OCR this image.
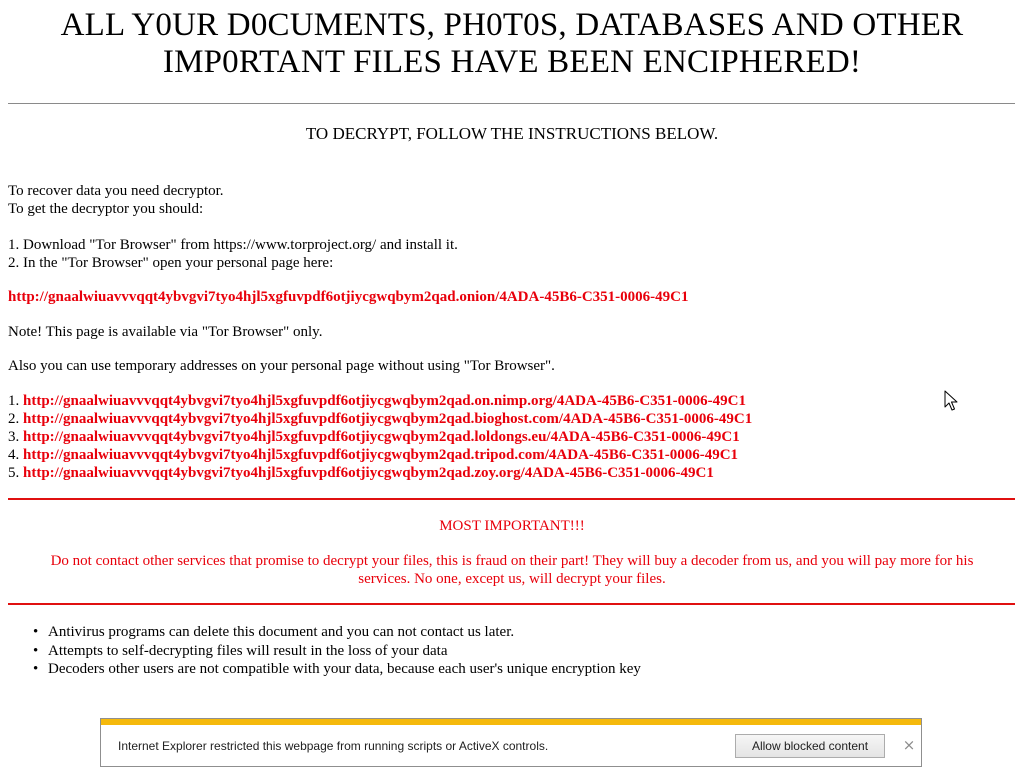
ALL Y0UR D0CUMENTS, PH0T0S, DATABASES AND OTHER
IMP0RTANT FILES HAVE BEEN ENCIPHERED!
TO DECRYPT, FOLLOW THE INSTRUCTIONS BELOW.
To recover data you need decryptor.
To get the decryptor you should:
1. Download "Tor Browser" from https://www.torproject.org/ and install it.
2. In the "Tor Browser" open your personal page here:
http://gnaalwiuavvvqqt4ybvgvi7tyo4hjl5xgfuvpdf6otjiycgwqbym2qad.onion/4ADA-45B6-C351-0006-49C1
Note! This page is available via "Tor Browser" only.
Also you can use temporary addresses on your personal page without using "Tor Browser".
1. http://gnaalwiuavvvqqt4ybvgvi7tyo4hjl5xgfuvpdf6otjiycgwqbym2qad.on.nimp.org/4ADA-45B6-C351-0006-49C1
2. http://gnaalwiuavvvqqt4ybvgvi7tyo4hjl5xgfuvpdf6otjiycgwqbym2qad.bioghost.com/4ADA-45B6-C351-0006-49C1
3. http://gnaalwiuavvvqqt4ybvgvi7tyo4hjl5xgfuvpdf6otjiycgwqbym2qad.loldongs.eu/4ADA-45B6-C351-0006-49C1
4. http://gnaalwiuavvvqqt4ybvgvi7tyo4hjl5xgfuvpdf6otjiycgwqbym2qad.tripod.com/4ADA-45B6-C351-0006-49C1
5. http://gnaalwiuavvvqqt4ybvgvi7tyo4hjl5xgfuvpdf6otjiycgwqbym2qad.zoy.org/4ADA-45B6-C351-0006-49C1
MOST IMPORTANT!!!
Do not contact other services that promise to decrypt your files, this is fraud on their part! They will buy a decoder from us, and you will pay more for his
services. No one, except us, will decrypt your files.
• Antivirus programs can delete this document and you can not contact us later.
• Attempts to self-decrypting files will result in the loss of your data
• Decoders other users are not compatible with your data, because each user's unique encryption key
Internet Explorer restricted this webpage from running scripts or ActiveX controls.	Allow blocked content	×
